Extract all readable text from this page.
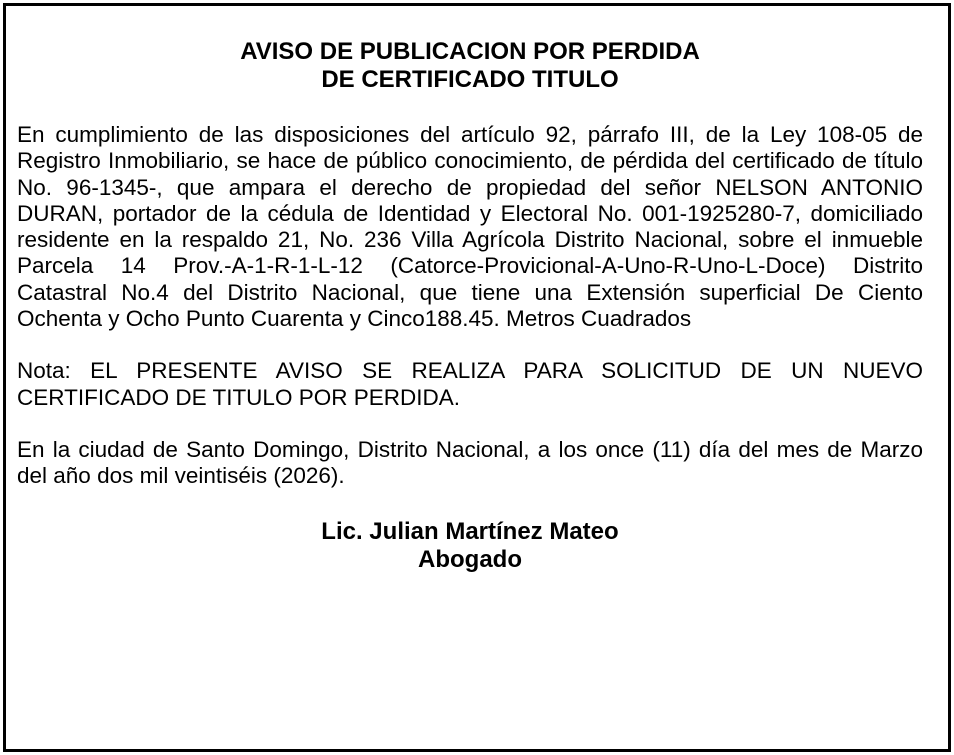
AVISO DE PUBLICACION POR PERDIDA
DE CERTIFICADO TITULO

En cumplimiento de las disposiciones del artículo 92, párrafo III, de la Ley 108-05 de Registro Inmobiliario, se hace de público conocimiento, de pérdida del certificado de título No. 96-1345-, que ampara el derecho de propiedad del señor NELSON ANTONIO DURAN, portador de la cédula de Identidad y Electoral No. 001-1925280-7, domiciliado residente en la respaldo 21, No. 236 Villa Agrícola Distrito Nacional, sobre el inmueble Parcela 14 Prov.-A-1-R-1-L-12 (Catorce-Provicional-A-Uno-R-Uno-L-Doce) Distrito Catastral No.4 del Distrito Nacional, que tiene una Extensión superficial De Ciento Ochenta y Ocho Punto Cuarenta y Cinco188.45. Metros Cuadrados

Nota: EL PRESENTE AVISO SE REALIZA PARA SOLICITUD DE UN NUEVO CERTIFICADO DE TITULO POR PERDIDA.

En la ciudad de Santo Domingo, Distrito Nacional, a los once (11) día del mes de Marzo del año dos mil veintiséis (2026).

Lic. Julian Martínez Mateo
Abogado
